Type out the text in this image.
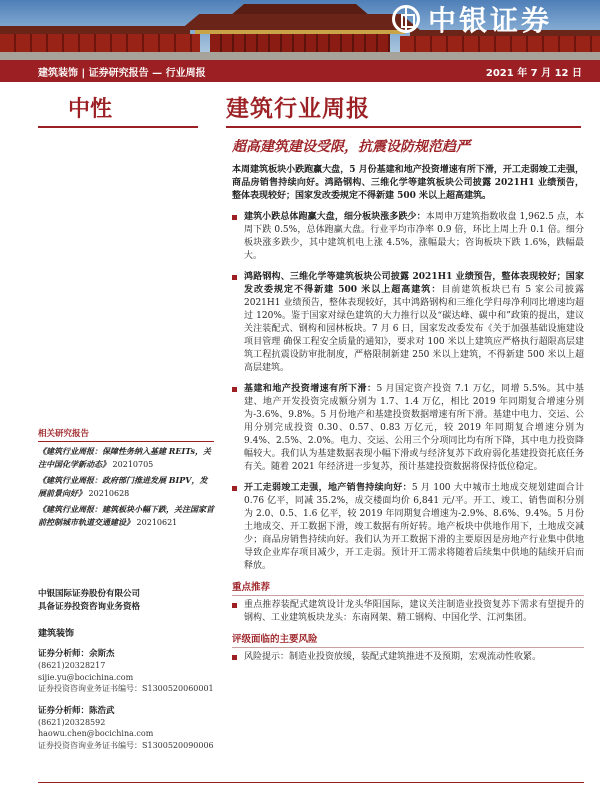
中银证券
建筑装饰 | 证券研究报告 — 行业周报	2021 年 7 月 12 日
中性	建筑行业周报
超高建筑建设受限，抗震设防规范趋严

本周建筑板块小跌跑赢大盘，5 月份基建和地产投资增速有所下滑，开工走弱竣工走强，商品房销售持续向好。鸿路钢构、三维化学等建筑板块公司披露 2021H1 业绩预告，整体表现较好；国家发改委规定不得新建 500 米以上超高建筑。

建筑小跌总体跑赢大盘，细分板块涨多跌少：本周申万建筑指数收盘 1,962.5 点，本周下跌 0.5%，总体跑赢大盘。行业平均市净率 0.9 倍，环比上周上升 0.1 倍。细分板块涨多跌少，其中建筑机电上涨 4.5%，涨幅最大；咨询板块下跌 1.6%，跌幅最大。
鸿路钢构、三维化学等建筑板块公司披露 2021H1 业绩预告，整体表现较好；国家发改委规定不得新建 500 米以上超高建筑：目前建筑板块已有 5 家公司披露 2021H1 业绩预告，整体表现较好，其中鸿路钢构和三维化学归母净利同比增速均超过 120%。鉴于国家对绿色建筑的大力推行以及“碳达峰、碳中和”政策的提出，建议关注装配式、钢构和园林板块。7 月 6 日，国家发改委发布《关于加强基础设施建设项目管理 确保工程安全质量的通知》，要求对 100 米以上建筑应严格执行超限高层建筑工程抗震设防审批制度，严格限制新建 250 米以上建筑，不得新建 500 米以上超高层建筑。
基建和地产投资增速有所下滑：5 月国定资产投资 7.1 万亿，同增 5.5%。其中基建、地产开发投资完成额分别为 1.7、1.4 万亿，相比 2019 年同期复合增速分别为-3.6%、9.8%。5 月份地产和基建投资数据增速有所下滑。基建中电力、交运、公用分别完成投资 0.30、0.57、0.83 万亿元，较 2019 年同期复合增速分别为 9.4%、2.5%、2.0%。电力、交运、公用三个分项同比均有所下降，其中电力投资降幅较大。我们认为基建数据表现小幅下滑或与经济复苏下政府弱化基建投资托底任务有关。随着 2021 年经济进一步复苏，预计基建投资数据将保持低位稳定。
开工走弱竣工走强，地产销售持续向好：5 月 100 大中城市土地成交规划建面合计 0.76 亿平，同减 35.2%，成交楼面均价 6,841 元/平。开工、竣工、销售面积分别为 2.0、0.5、1.6 亿平，较 2019 年同期复合增速为-2.9%、8.6%、9.4%。5 月份土地成交、开工数据下滑，竣工数据有所好转。地产板块中供地作用下，土地成交减少；商品房销售持续向好。我们认为开工数据下滑的主要原因是房地产行业集中供地导致企业库存项目减少，开工走弱。预计开工需求将随着后续集中供地的陆续开启而释放。
重点推荐
重点推荐装配式建筑设计龙头华阳国际，建议关注制造业投资复苏下需求有望提升的钢构、工业建筑板块龙头：东南网架、精工钢构、中国化学、江河集团。
评级面临的主要风险
风险提示：制造业投资放缓，装配式建筑推进不及预期，宏观流动性收紧。
相关研究报告
《建筑行业周报：保障性务纳入基建 REITs，关注中国化学新动态》 20210705
《建筑行业周报：政府部门推进发展 BIPV，发展前景向好》 20210628
《建筑行业周报：建筑板块小幅下跌，关注国家首前控制城市轨道交通建设》 20210621
中银国际证券股份有限公司
具备证券投资咨询业务资格
建筑装饰
证券分析师：余斯杰
(8621)20328217
sijie.yu@bocichina.com
证券投资咨询业务证书编号：S1300520060001
证券分析师：陈浩武
(8621)20328592
haowu.chen@bocichina.com
证券投资咨询业务证书编号：S1300520090006
